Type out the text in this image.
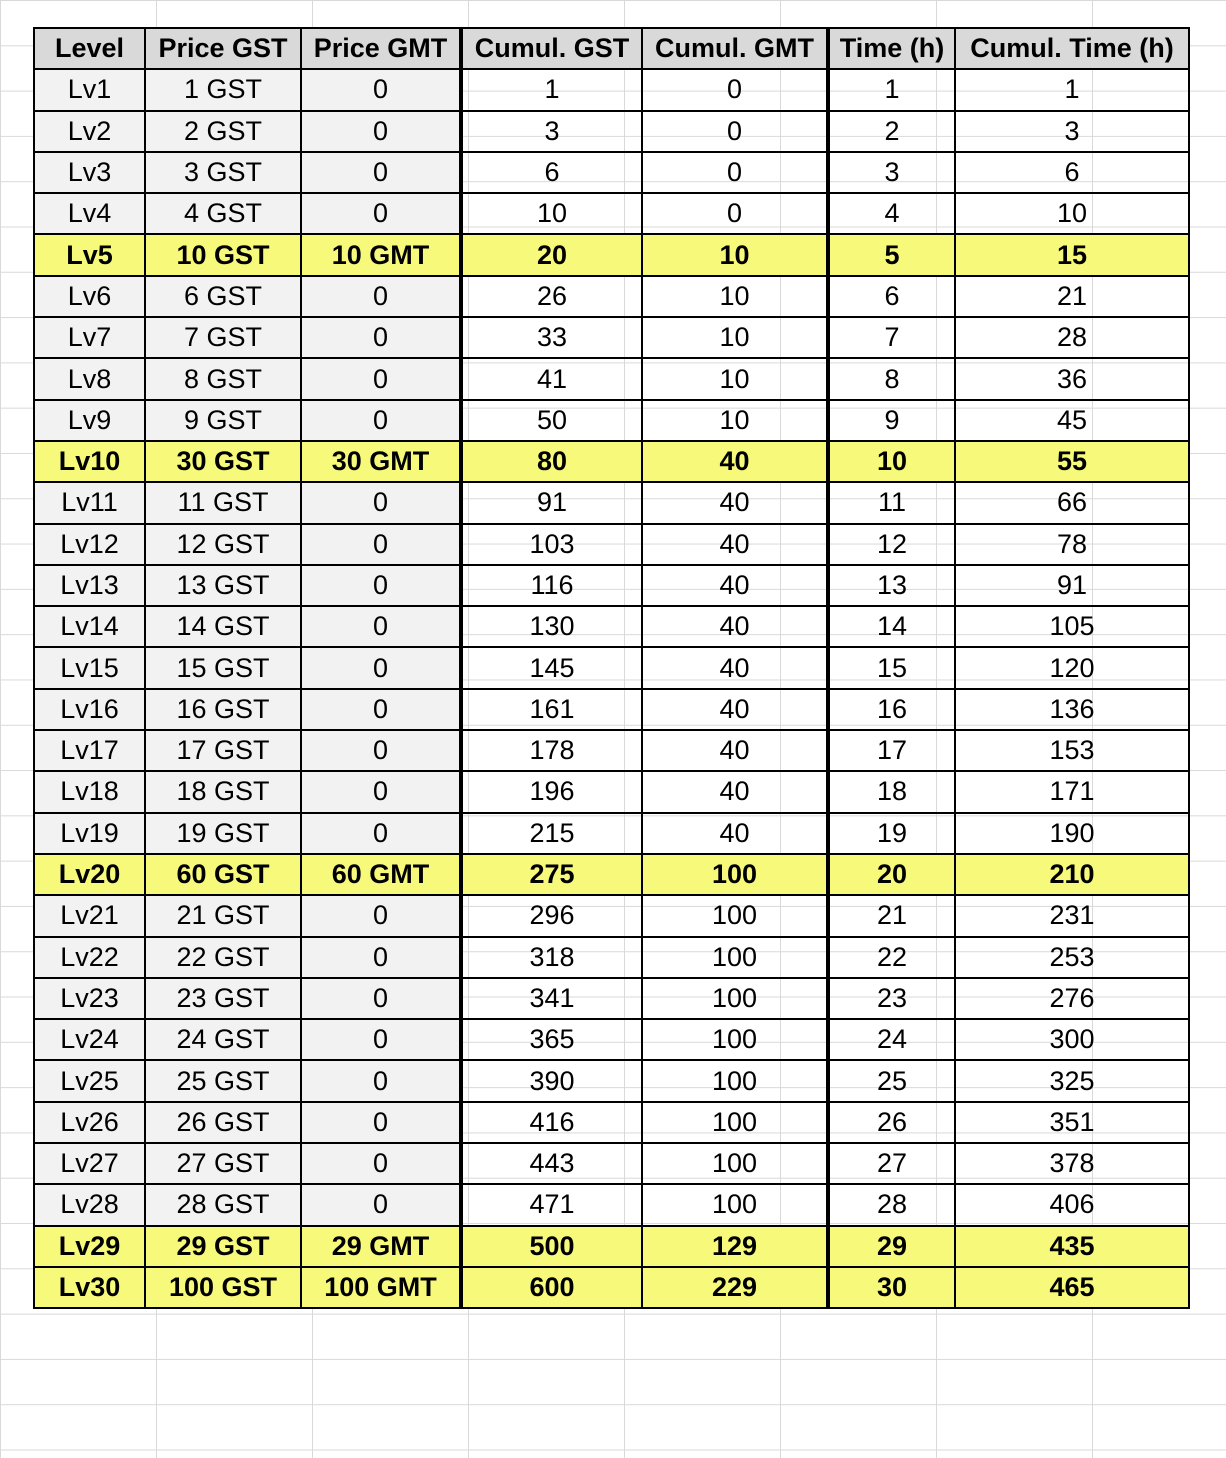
Level	Price GST	Price GMT	Cumul. GST	Cumul. GMT	Time (h)	Cumul. Time (h)
Lv1	1 GST	0	1	0	1	1
Lv2	2 GST	0	3	0	2	3
Lv3	3 GST	0	6	0	3	6
Lv4	4 GST	0	10	0	4	10
Lv5	10 GST	10 GMT	20	10	5	15
Lv6	6 GST	0	26	10	6	21
Lv7	7 GST	0	33	10	7	28
Lv8	8 GST	0	41	10	8	36
Lv9	9 GST	0	50	10	9	45
Lv10	30 GST	30 GMT	80	40	10	55
Lv11	11 GST	0	91	40	11	66
Lv12	12 GST	0	103	40	12	78
Lv13	13 GST	0	116	40	13	91
Lv14	14 GST	0	130	40	14	105
Lv15	15 GST	0	145	40	15	120
Lv16	16 GST	0	161	40	16	136
Lv17	17 GST	0	178	40	17	153
Lv18	18 GST	0	196	40	18	171
Lv19	19 GST	0	215	40	19	190
Lv20	60 GST	60 GMT	275	100	20	210
Lv21	21 GST	0	296	100	21	231
Lv22	22 GST	0	318	100	22	253
Lv23	23 GST	0	341	100	23	276
Lv24	24 GST	0	365	100	24	300
Lv25	25 GST	0	390	100	25	325
Lv26	26 GST	0	416	100	26	351
Lv27	27 GST	0	443	100	27	378
Lv28	28 GST	0	471	100	28	406
Lv29	29 GST	29 GMT	500	129	29	435
Lv30	100 GST	100 GMT	600	229	30	465
